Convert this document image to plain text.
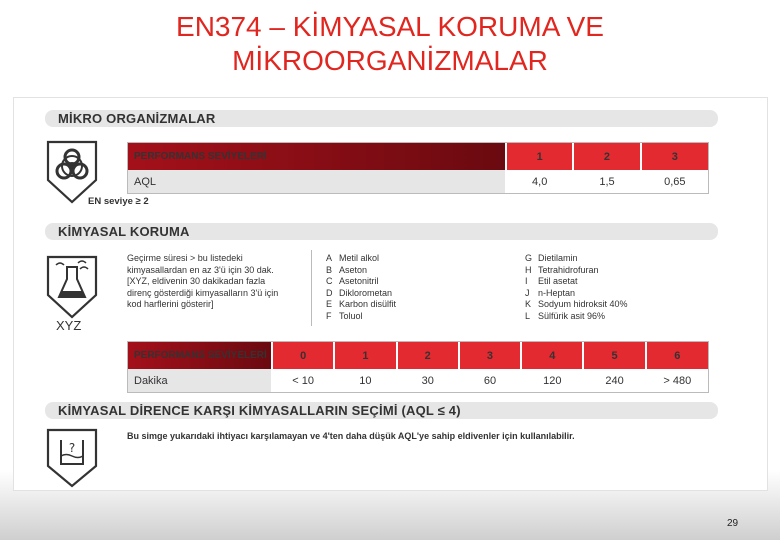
EN374 – KİMYASAL KORUMA VE
MİKROORGANİZMALAR
MİKRO ORGANİZMALAR
EN seviye ≥ 2
PERFORMANS SEVİYELERİ	1	2	3
AQL	4,0	1,5	0,65
KİMYASAL KORUMA
XYZ
Geçirme süresi > bu listedeki
kimyasallardan en az 3'ü için 30 dak.
[XYZ, eldivenin 30 dakikadan fazla
direnç gösterdiği kimyasalların 3'ü için
kod harflerini gösterir]
A Metil alkol
B Aseton
C Asetonitril
D Diklorometan
E Karbon disülfit
F Toluol
G Dietilamin
H Tetrahidrofuran
I Etil asetat
J n-Heptan
K Sodyum hidroksit 40%
L Sülfürik asit 96%
PERFORMANS SEVİYELERİ	0	1	2	3	4	5	6
Dakika	< 10	10	30	60	120	240	> 480
KİMYASAL DİRENCE KARŞI KİMYASALLARIN SEÇİMİ (AQL ≤ 4)
?
Bu simge yukarıdaki ihtiyacı karşılamayan ve 4'ten daha düşük AQL'ye sahip eldivenler için kullanılabilir.
29
